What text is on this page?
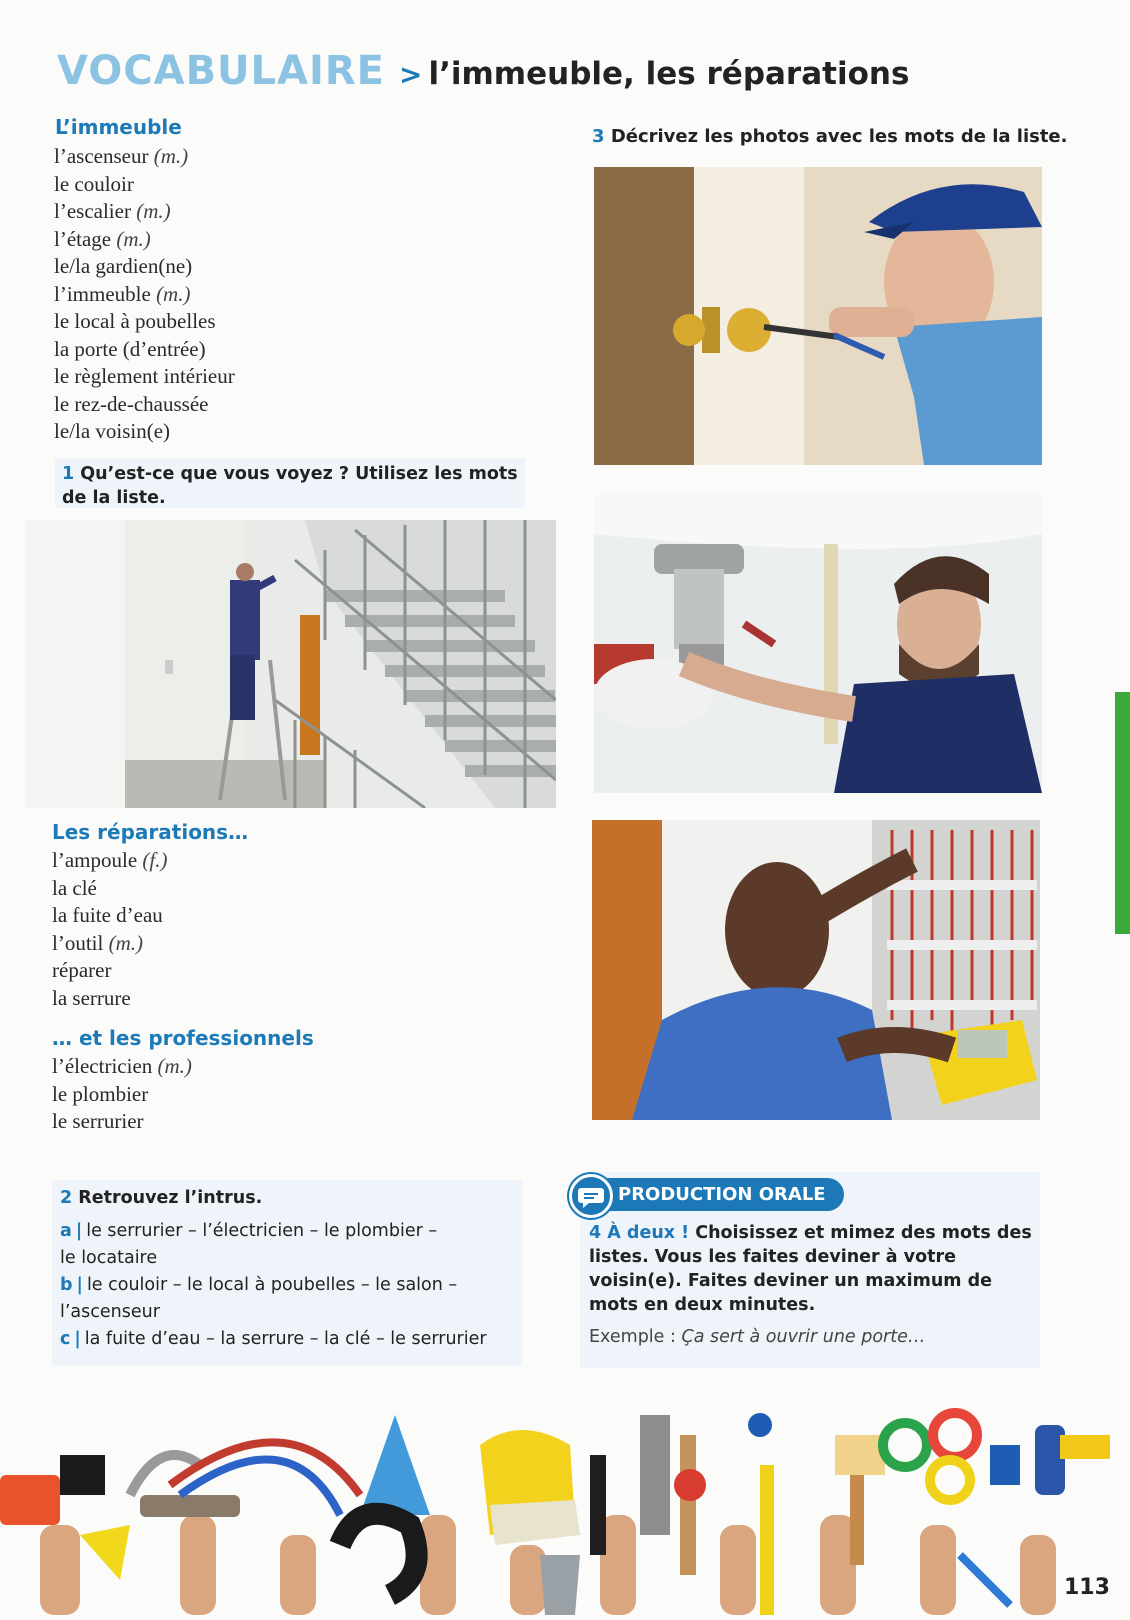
VOCABULAIRE > l’immeuble, les réparations
L’immeuble
l’ascenseur (m.)
le couloir
l’escalier (m.)
l’étage (m.)
le/la gardien(ne)
l’immeuble (m.)
le local à poubelles
la porte (d’entrée)
le règlement intérieur
le rez-de-chaussée
le/la voisin(e)
1 Qu’est-ce que vous voyez ? Utilisez les mots
de la liste.
Les réparations…
l’ampoule (f.)
la clé
la fuite d’eau
l’outil (m.)
réparer
la serrure
… et les professionnels
l’électricien (m.)
le plombier
le serrurier
2 Retrouvez l’intrus.
a | le serrurier – l’électricien – le plombier –
le locataire
b | le couloir – le local à poubelles – le salon –
l’ascenseur
c | la fuite d’eau – la serrure – la clé – le serrurier
3 Décrivez les photos avec les mots de la liste.
PRODUCTION ORALE
4 À deux ! Choisissez et mimez des mots des listes. Vous les faites deviner à votre voisin(e). Faites deviner un maximum de mots en deux minutes.
Exemple : Ça sert à ouvrir une porte…
113
